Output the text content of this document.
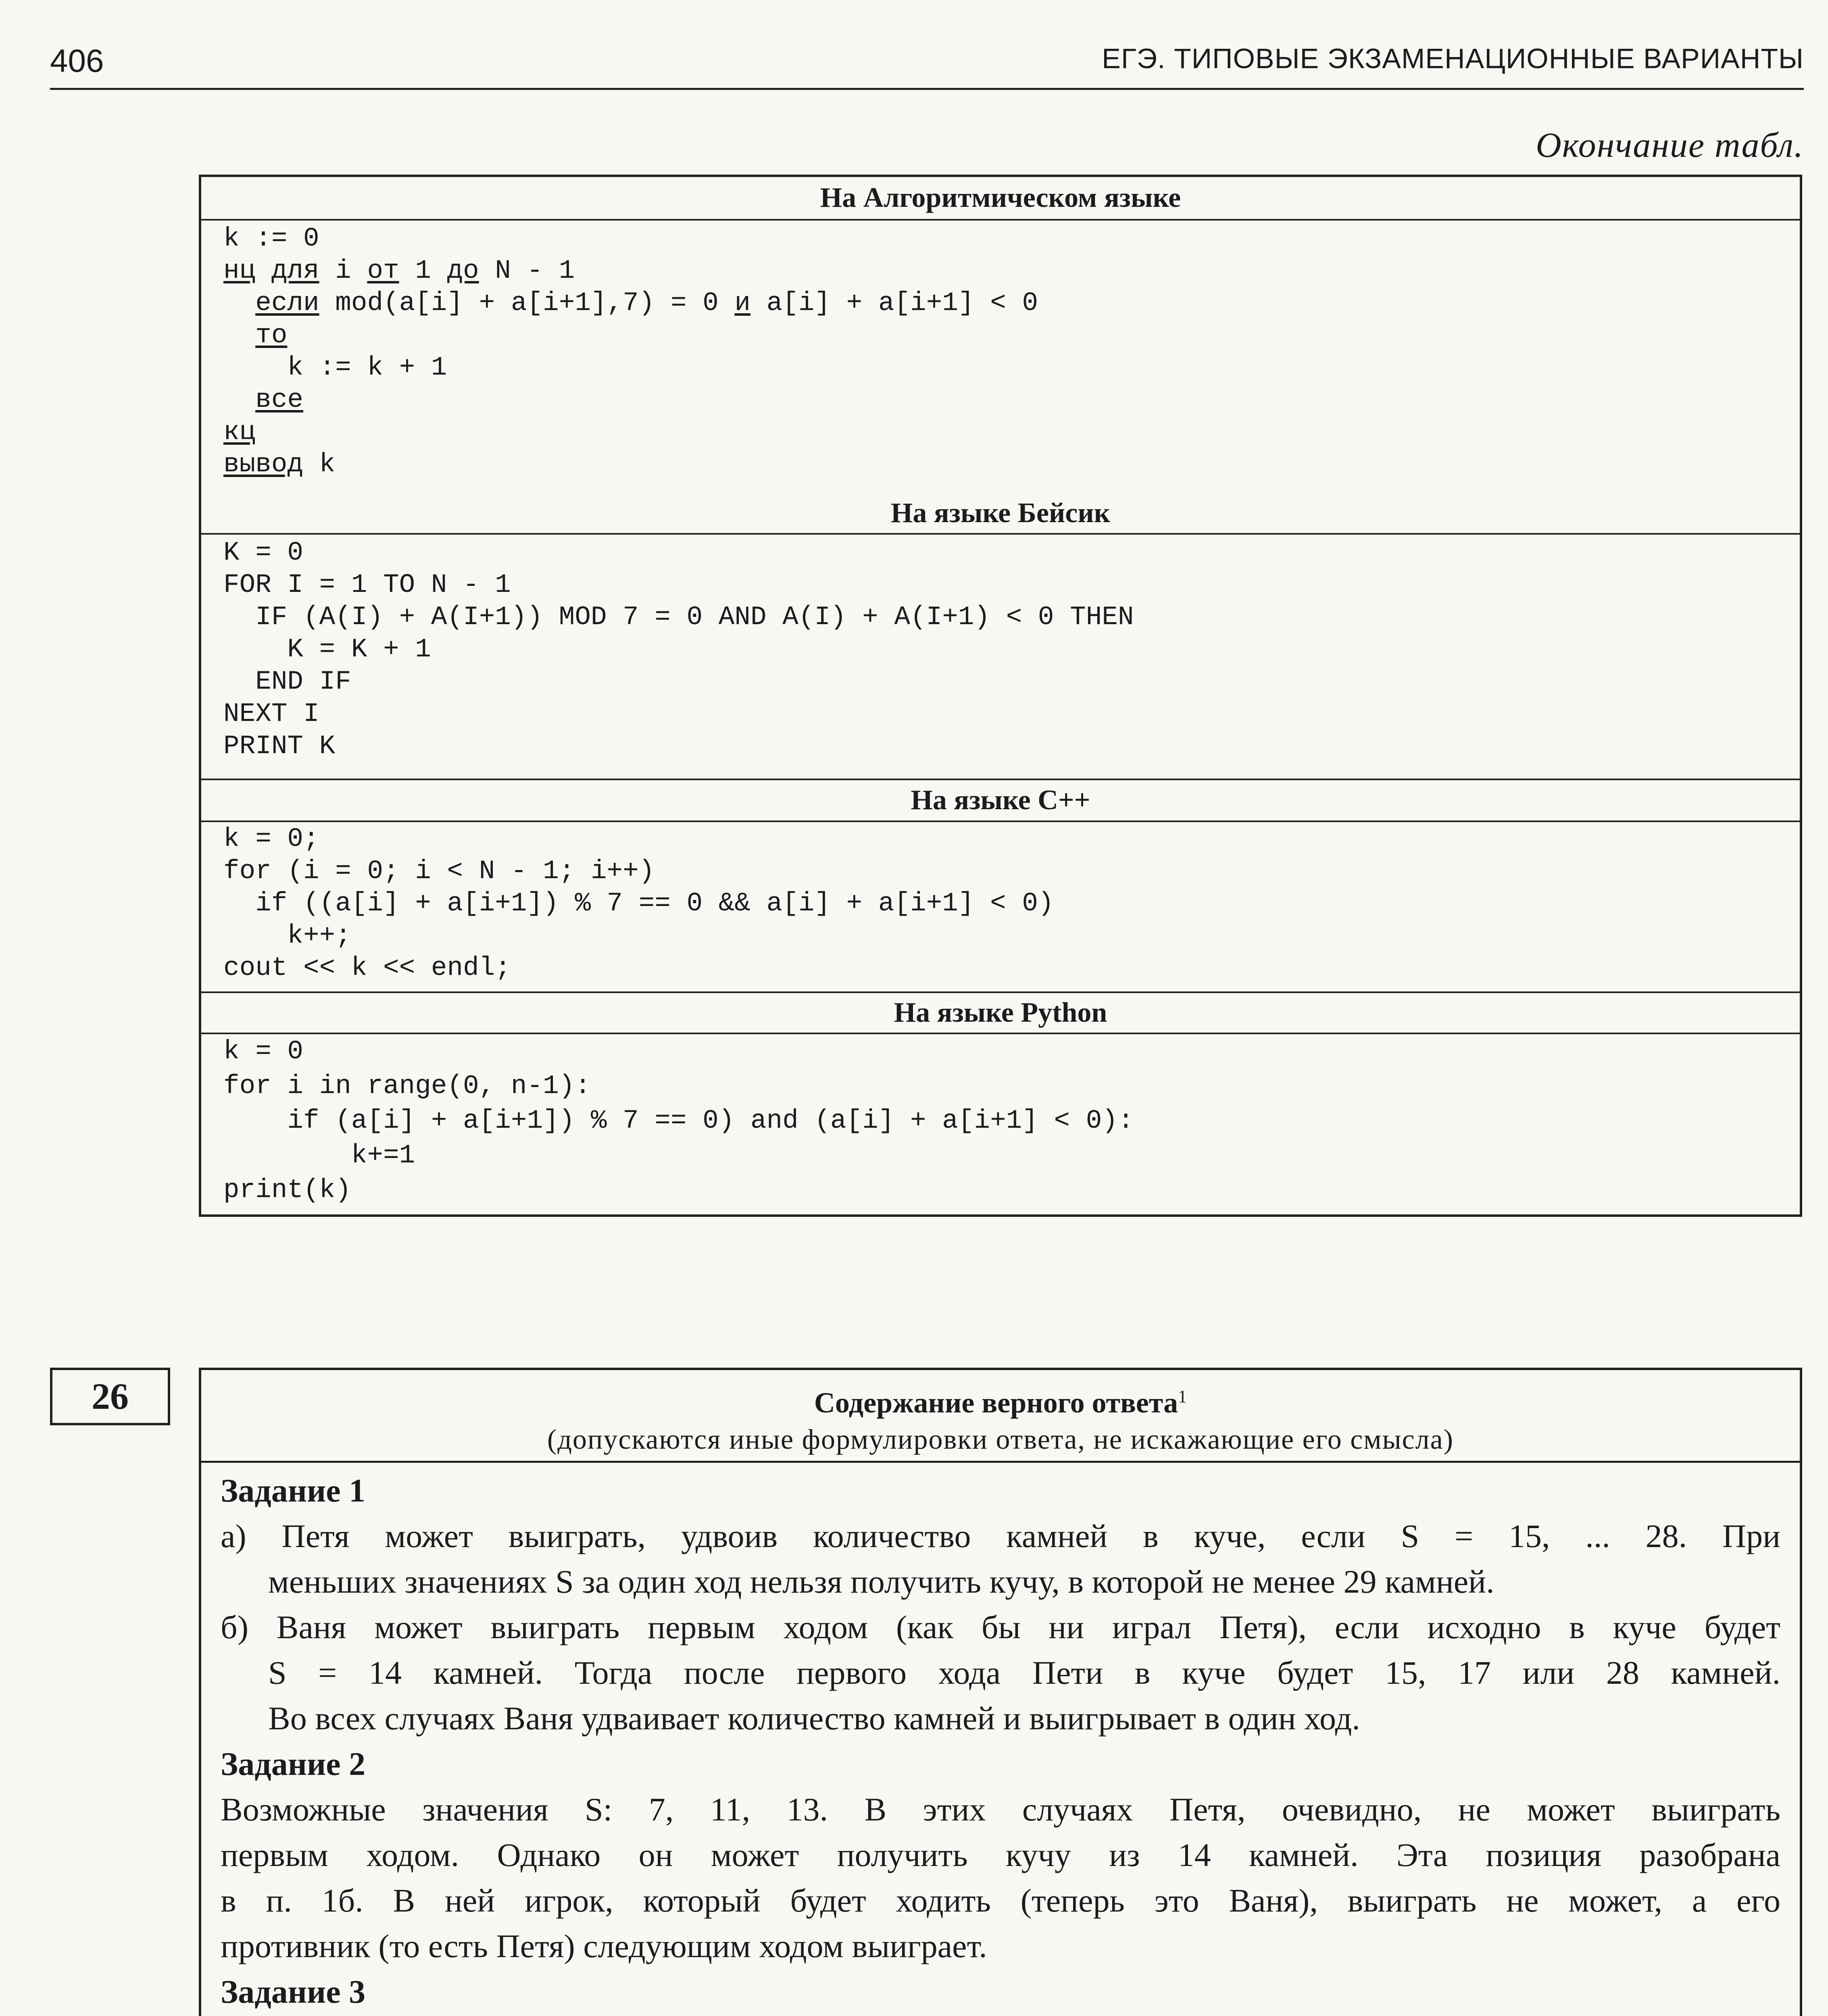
406	ЕГЭ. ТИПОВЫЕ ЭКЗАМЕНАЦИОННЫЕ ВАРИАНТЫ
Окончание табл.
На Алгоритмическом языке
k := 0
нц для i от 1 до N - 1
если mod(a[i] + a[i+1],7) = 0 и a[i] + a[i+1] < 0
то
k := k + 1
все
кц
вывод k
На языке Бейсик
K = 0
FOR I = 1 TO N - 1
IF (A(I) + A(I+1)) MOD 7 = 0 AND A(I) + A(I+1) < 0 THEN
K = K + 1
END IF
NEXT I
PRINT K
На языке C++
k = 0;
for (i = 0; i < N - 1; i++)
if ((a[i] + a[i+1]) % 7 == 0 && a[i] + a[i+1] < 0)
k++;
cout << k << endl;
На языке Python
k = 0
for i in range(0, n-1):
if (a[i] + a[i+1]) % 7 == 0) and (a[i] + a[i+1] < 0):
k+=1
print(k)
26	Содержание верного ответа$^1$
(допускаются иные формулировки ответа, не искажающие его смысла)
Задание 1
а) Петя может выиграть, удвоив количество камней в куче, если S = 15, ... 28. При
меньших значениях S за один ход нельзя получить кучу, в которой не менее 29 камней.
б) Ваня может выиграть первым ходом (как бы ни играл Петя), если исходно в куче будет
S = 14 камней. Тогда после первого хода Пети в куче будет 15, 17 или 28 камней.
Во всех случаях Ваня удваивает количество камней и выигрывает в один ход.
Задание 2
Возможные значения S: 7, 11, 13. В этих случаях Петя, очевидно, не может выиграть
первым ходом. Однако он может получить кучу из 14 камней. Эта позиция разобрана
в п. 1б. В ней игрок, который будет ходить (теперь это Ваня), выиграть не может, а его
противник (то есть Петя) следующим ходом выиграет.
Задание 3
